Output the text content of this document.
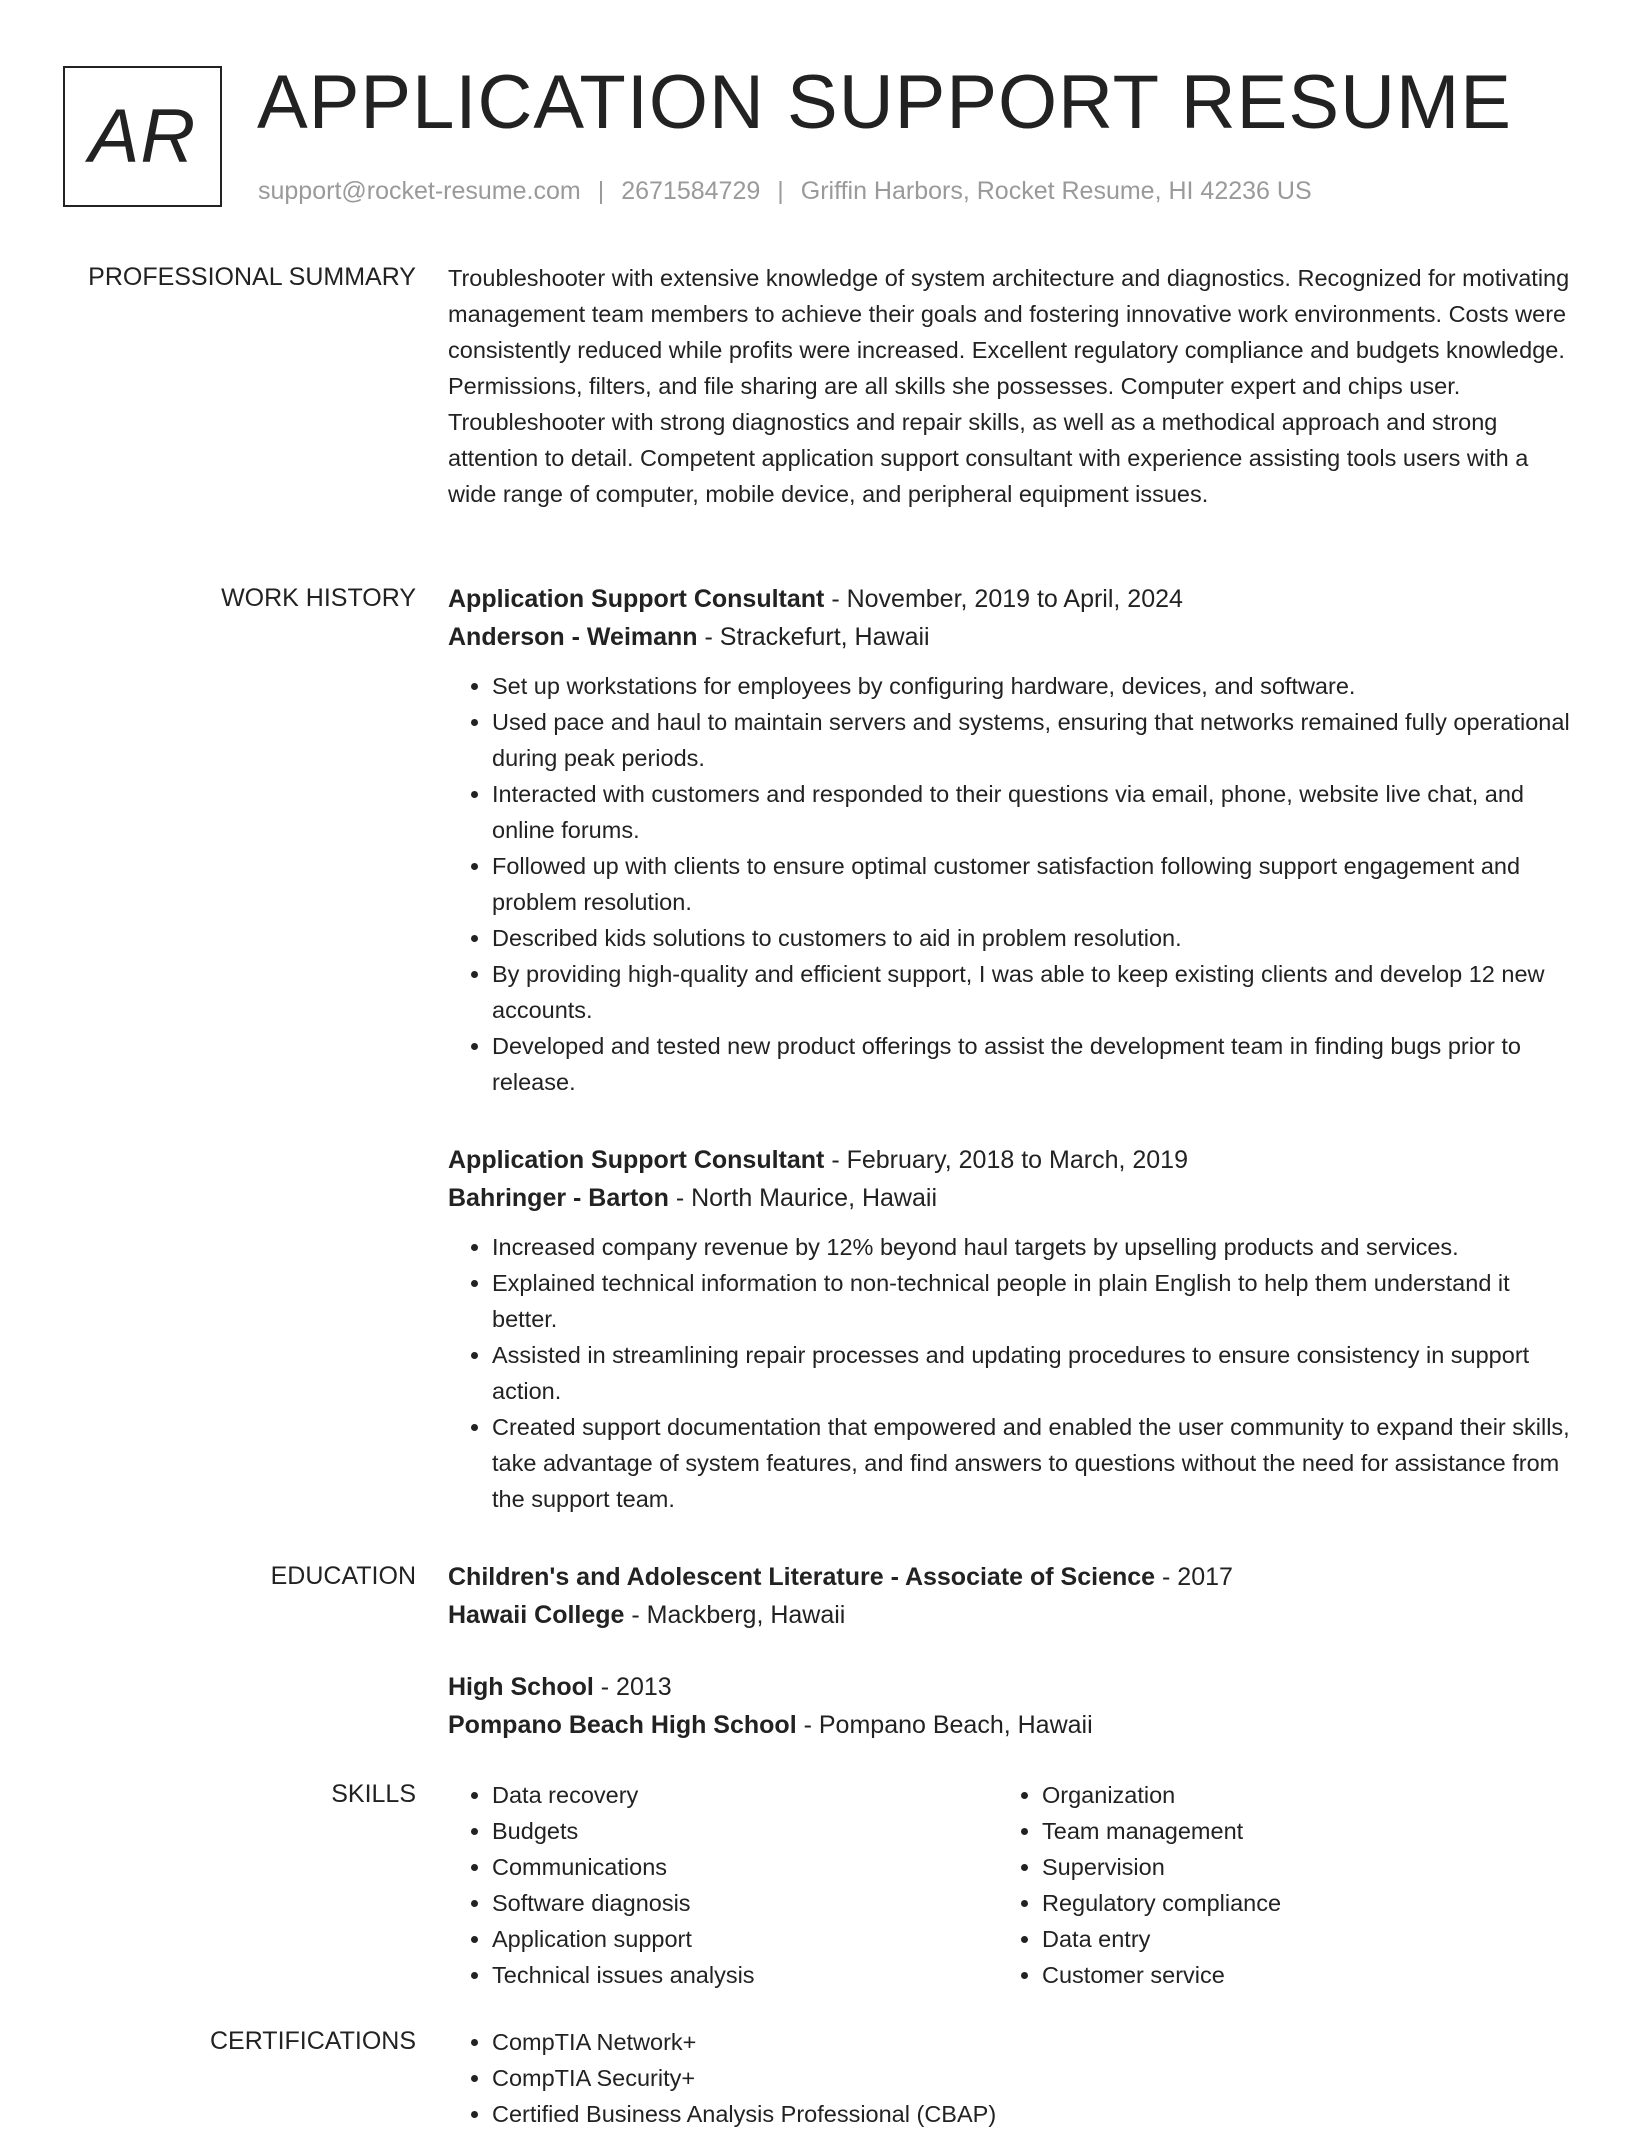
AR APPLICATION SUPPORT RESUME
support@rocket-resume.com | 2671584729 | Griffin Harbors, Rocket Resume, HI 42236 US
PROFESSIONAL SUMMARY Troubleshooter with extensive knowledge of system architecture and diagnostics. Recognized for motivating management team members to achieve their goals and fostering innovative work environments. Costs were consistently reduced while profits were increased. Excellent regulatory compliance and budgets knowledge. Permissions, filters, and file sharing are all skills she possesses. Computer expert and chips user. Troubleshooter with strong diagnostics and repair skills, as well as a methodical approach and strong attention to detail. Competent application support consultant with experience assisting tools users with a wide range of computer, mobile device, and peripheral equipment issues.

WORK HISTORY Application Support Consultant - November, 2019 to April, 2024
Anderson - Weimann - Strackefurt, Hawaii
• Set up workstations for employees by configuring hardware, devices, and software.
• Used pace and haul to maintain servers and systems, ensuring that networks remained fully operational during peak periods.
• Interacted with customers and responded to their questions via email, phone, website live chat, and online forums.
• Followed up with clients to ensure optimal customer satisfaction following support engagement and problem resolution.
• Described kids solutions to customers to aid in problem resolution.
• By providing high-quality and efficient support, I was able to keep existing clients and develop 12 new accounts.
• Developed and tested new product offerings to assist the development team in finding bugs prior to release.
Application Support Consultant - February, 2018 to March, 2019
Bahringer - Barton - North Maurice, Hawaii
• Increased company revenue by 12% beyond haul targets by upselling products and services.
• Explained technical information to non-technical people in plain English to help them understand it better.
• Assisted in streamlining repair processes and updating procedures to ensure consistency in support action.
• Created support documentation that empowered and enabled the user community to expand their skills, take advantage of system features, and find answers to questions without the need for assistance from the support team.
EDUCATION Children's and Adolescent Literature - Associate of Science - 2017
Hawaii College - Mackberg, Hawaii
High School - 2013
Pompano Beach High School - Pompano Beach, Hawaii
SKILLS	• Data recovery
• Budgets
• Communications
• Software diagnosis
• Application support
• Technical issues analysis
• Organization
• Team management
• Supervision
• Regulatory compliance
• Data entry
• Customer service
CERTIFICATIONS	• CompTIA Network+
• CompTIA Security+
• Certified Business Analysis Professional (CBAP)
